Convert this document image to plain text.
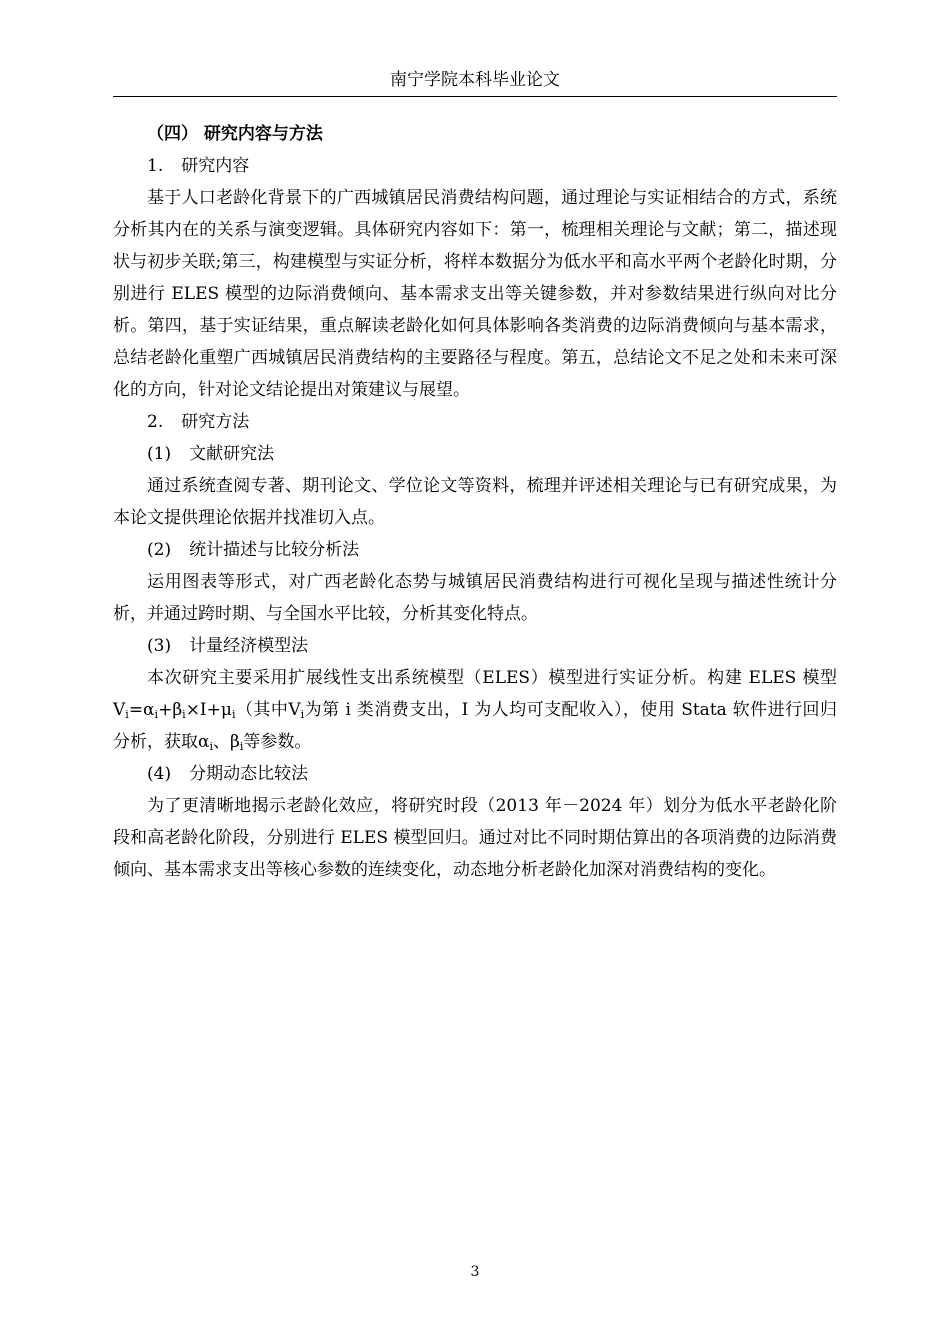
南宁学院本科毕业论文

（四） 研究内容与方法

1. 研究内容

基于人口老龄化背景下的广西城镇居民消费结构问题，通过理论与实证相结合的方式，系统分析其内在的关系与演变逻辑。具体研究内容如下：第一，梳理相关理论与文献；第二，描述现状与初步关联;第三，构建模型与实证分析，将样本数据分为低水平和高水平两个老龄化时期，分别进行 ELES 模型的边际消费倾向、基本需求支出等关键参数，并对参数结果进行纵向对比分析。第四，基于实证结果，重点解读老龄化如何具体影响各类消费的边际消费倾向与基本需求，总结老龄化重塑广西城镇居民消费结构的主要路径与程度。第五，总结论文不足之处和未来可深化的方向，针对论文结论提出对策建议与展望。

2. 研究方法

(1) 文献研究法

通过系统查阅专著、期刊论文、学位论文等资料，梳理并评述相关理论与已有研究成果，为本论文提供理论依据并找准切入点。

(2) 统计描述与比较分析法

运用图表等形式，对广西老龄化态势与城镇居民消费结构进行可视化呈现与描述性统计分析，并通过跨时期、与全国水平比较，分析其变化特点。

(3) 计量经济模型法

本次研究主要采用扩展线性支出系统模型（ELES）模型进行实证分析。构建 ELES 模型$V_i=\alpha_i+\beta_i\times I+\mu_i$（其中$V_i$为第 i 类消费支出，I 为人均可支配收入），使用 Stata 软件进行回归分析，获取$\alpha_i$、$\beta_i$等参数。

(4) 分期动态比较法

为了更清晰地揭示老龄化效应，将研究时段（2013 年－2024 年）划分为低水平老龄化阶段和高老龄化阶段，分别进行 ELES 模型回归。通过对比不同时期估算出的各项消费的边际消费倾向、基本需求支出等核心参数的连续变化，动态地分析老龄化加深对消费结构的变化。

3
